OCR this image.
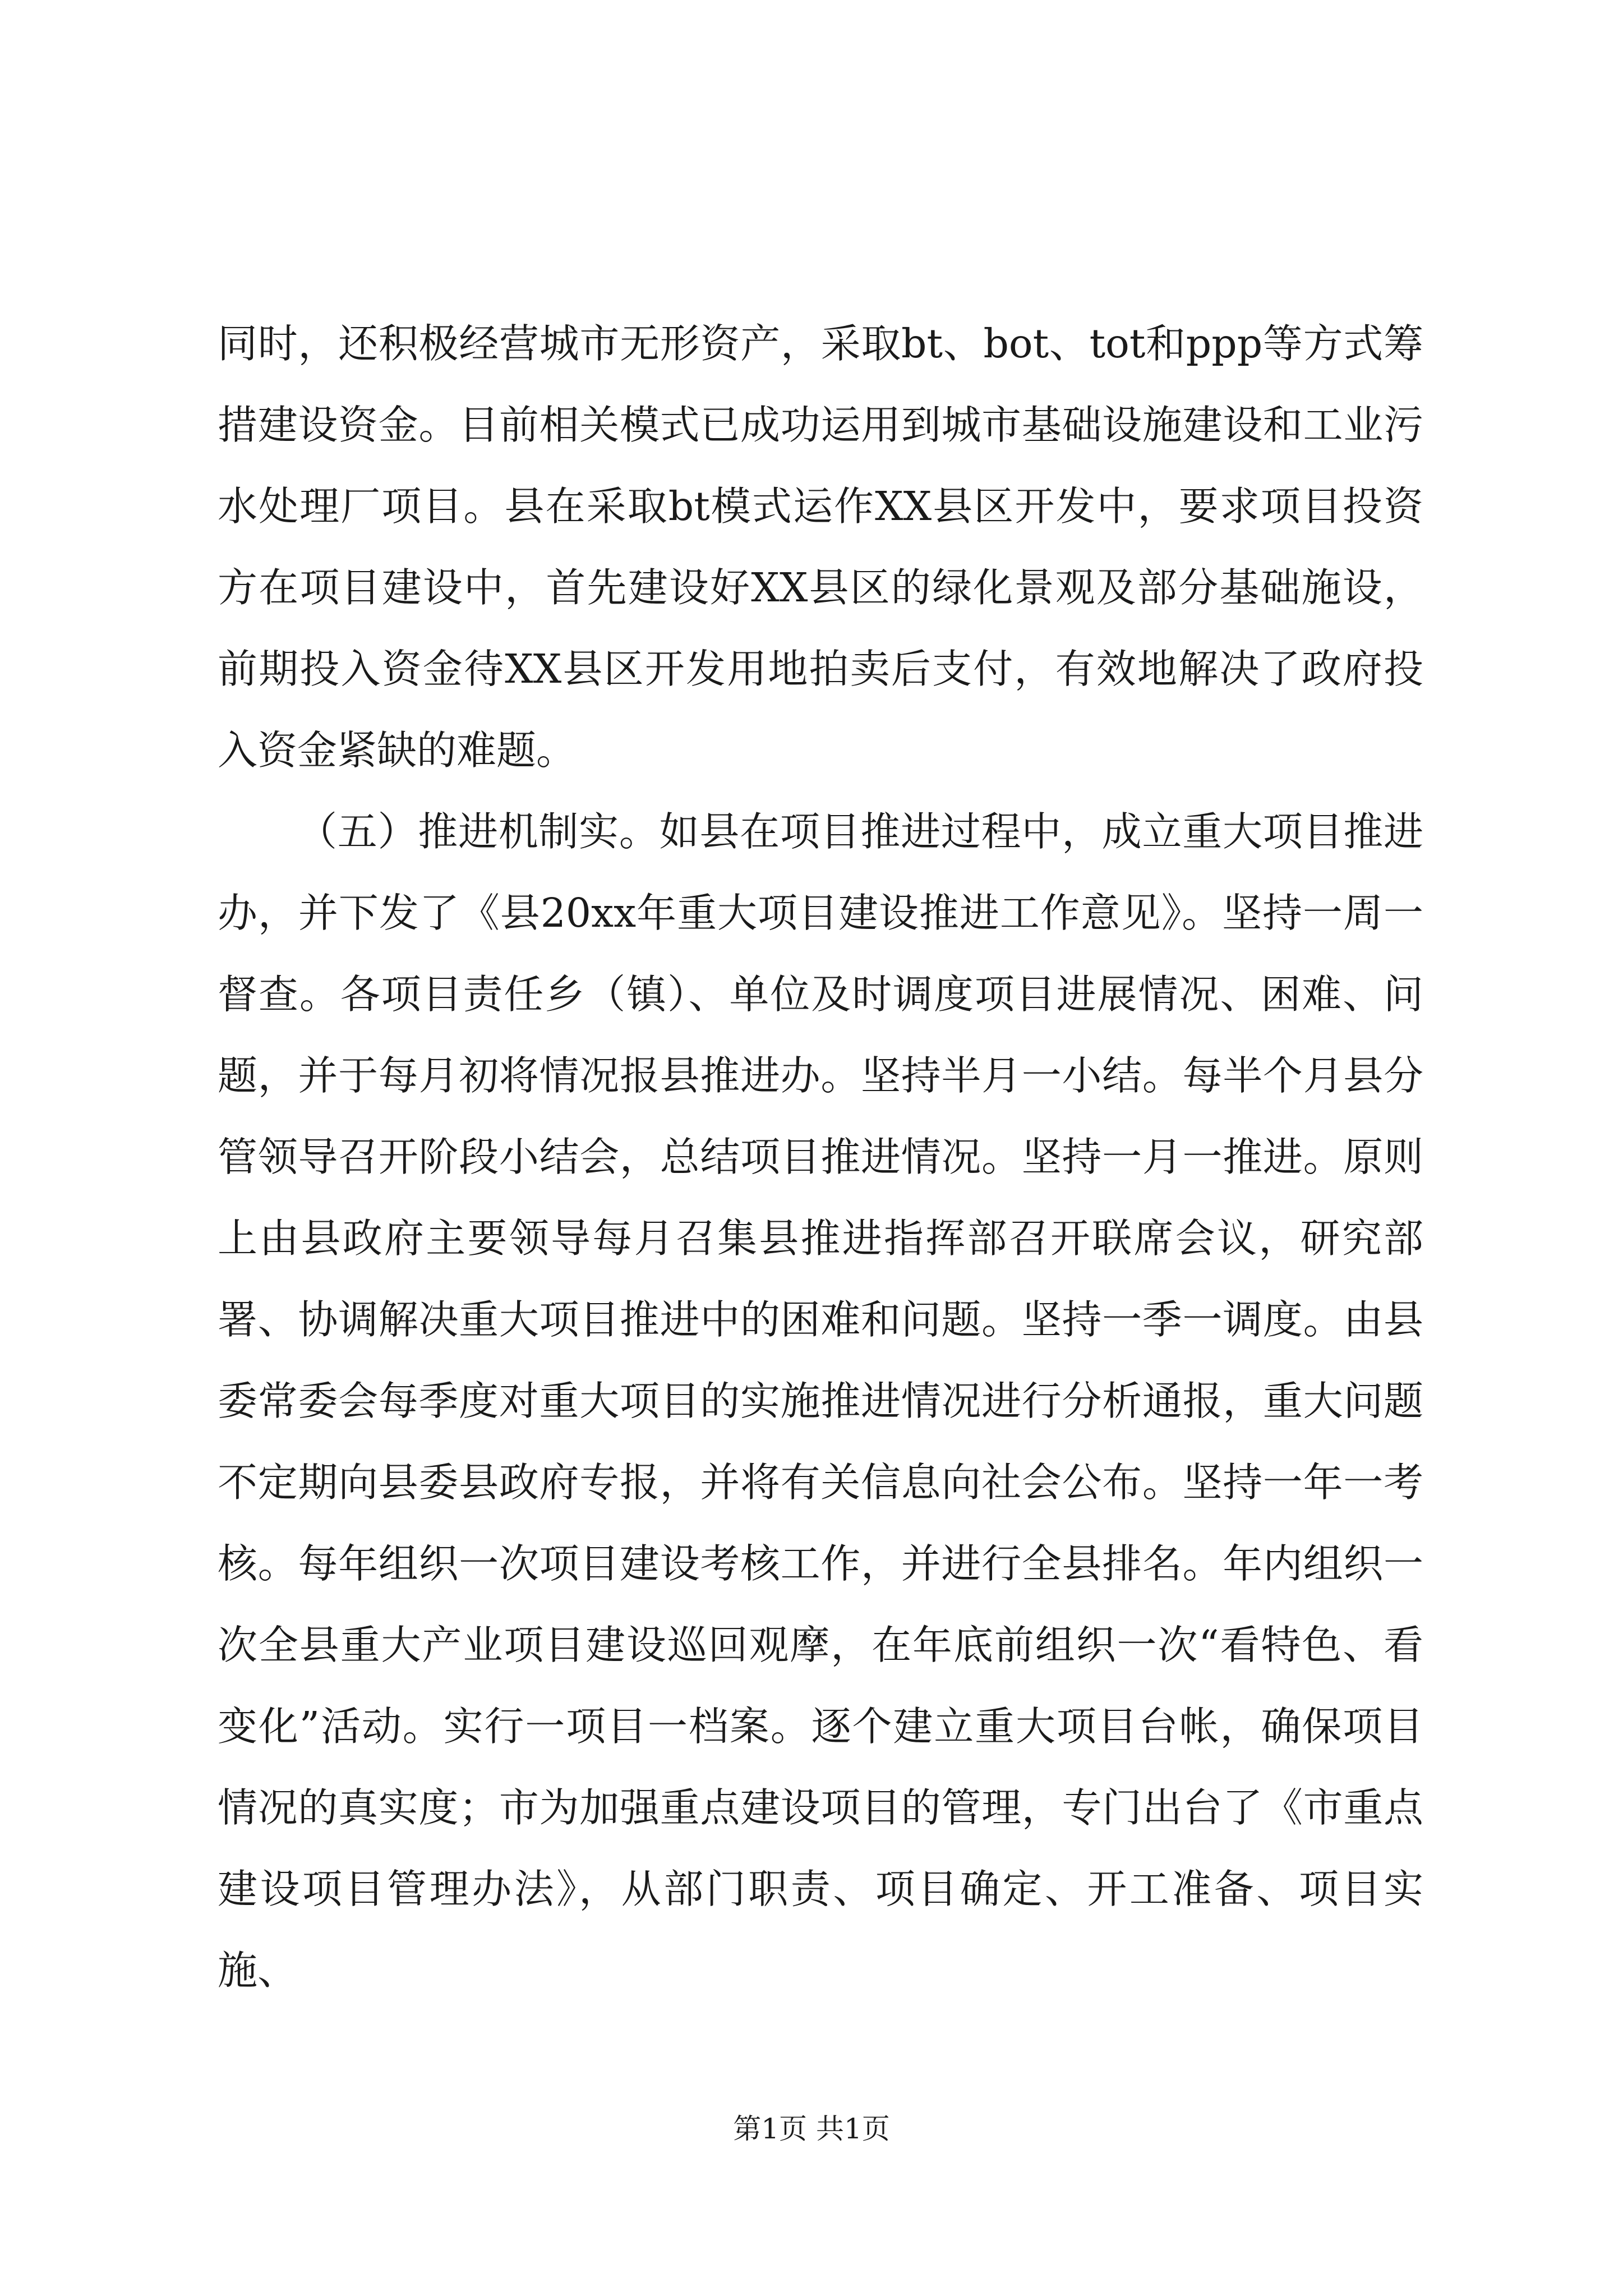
同时，还积极经营城市无形资产，采取bt、bot、tot和ppp等方式筹措建设资金。目前相关模式已成功运用到城市基础设施建设和工业污水处理厂项目。县在采取bt模式运作XX县区开发中，要求项目投资方在项目建设中，首先建设好XX县区的绿化景观及部分基础施设，前期投入资金待XX县区开发用地拍卖后支付，有效地解决了政府投入资金紧缺的难题。

（五）推进机制实。如县在项目推进过程中，成立重大项目推进办，并下发了《县20xx年重大项目建设推进工作意见》。坚持一周一督查。各项目责任乡（镇）、单位及时调度项目进展情况、困难、问题，并于每月初将情况报县推进办。坚持半月一小结。每半个月县分管领导召开阶段小结会，总结项目推进情况。坚持一月一推进。原则上由县政府主要领导每月召集县推进指挥部召开联席会议，研究部署、协调解决重大项目推进中的困难和问题。坚持一季一调度。由县委常委会每季度对重大项目的实施推进情况进行分析通报，重大问题不定期向县委县政府专报，并将有关信息向社会公布。坚持一年一考核。每年组织一次项目建设考核工作，并进行全县排名。年内组织一次全县重大产业项目建设巡回观摩，在年底前组织一次“看特色、看变化”活动。实行一项目一档案。逐个建立重大项目台帐，确保项目情况的真实度；市为加强重点建设项目的管理，专门出台了《市重点建设项目管理办法》，从部门职责、项目确定、开工准备、项目实施、

第1页 共1页
